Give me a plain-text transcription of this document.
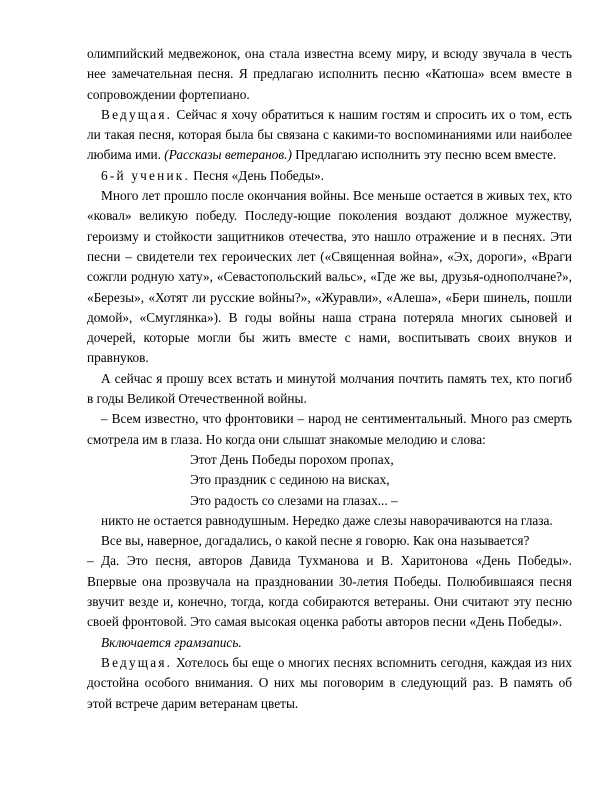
олимпийский медвежонок, она стала известна всему миру, и всюду звучала в честь нее замечательная песня. Я предлагаю исполнить песню «Катюша» всем вместе в сопровождении фортепиано.

Ведущая. Сейчас я хочу обратиться к нашим гостям и спросить их о том, есть ли такая песня, которая была бы связана с какими-то воспоминаниями или наиболее любима ими. (Рассказы ветеранов.) Предлагаю исполнить эту песню всем вместе.

6-й ученик. Песня «День Победы».

Много лет прошло после окончания войны. Все меньше остается в живых тех, кто «ковал» великую победу. Последу-ющие поколения воздают должное мужеству, героизму и стойкости защитников отечества, это нашло отражение и в песнях. Эти песни – свидетели тех героических лет («Священная война», «Эх, дороги», «Враги сожгли родную хату», «Севастопольский вальс», «Где же вы, друзья-однополчане?», «Березы», «Хотят ли русские войны?», «Журавли», «Алеша», «Бери шинель, пошли домой», «Смуглянка»). В годы войны наша страна потеряла многих сыновей и дочерей, которые могли бы жить вместе с нами, воспитывать своих внуков и правнуков.

А сейчас я прошу всех встать и минутой молчания почтить память тех, кто погиб в годы Великой Отечественной войны.

– Всем известно, что фронтовики – народ не сентиментальный. Много раз смерть смотрела им в глаза. Но когда они слышат знакомые мелодию и слова:

Этот День Победы порохом пропах,

Это праздник с сединою на висках,

Это радость со слезами на глазах... –

никто не остается равнодушным. Нередко даже слезы наворачиваются на глаза.

Все вы, наверное, догадались, о какой песне я говорю. Как она называется?

– Да. Это песня, авторов Давида Тухманова и В. Харитонова «День Победы». Впервые она прозвучала на праздновании 30-летия Победы. Полюбившаяся песня звучит везде и, конечно, тогда, когда собираются ветераны. Они считают эту песню своей фронтовой. Это самая высокая оценка работы авторов песни «День Победы».

Включается грамзапись.

Ведущая. Хотелось бы еще о многих песнях вспомнить сегодня, каждая из них достойна особого внимания. О них мы поговорим в следующий раз. В память об этой встрече дарим ветеранам цветы.
